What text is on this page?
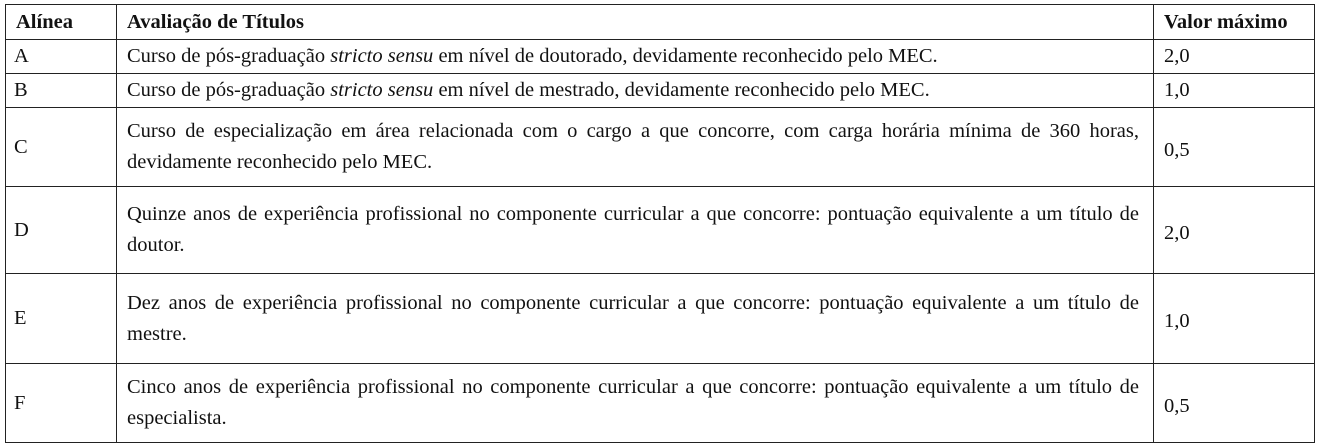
Alínea	Avaliação de Títulos	Valor máximo
A	Curso de pós-graduação stricto sensu em nível de doutorado, devidamente reconhecido pelo MEC.	2,0
B	Curso de pós-graduação stricto sensu em nível de mestrado, devidamente reconhecido pelo MEC.	1,0
C	Curso de especialização em área relacionada com o cargo a que concorre, com carga horária mínima de 360 horas, devidamente reconhecido pelo MEC.	0,5
D	Quinze anos de experiência profissional no componente curricular a que concorre: pontuação equivalente a um título de doutor.	2,0
E	Dez anos de experiência profissional no componente curricular a que concorre: pontuação equivalente a um título de mestre.	1,0
F	Cinco anos de experiência profissional no componente curricular a que concorre: pontuação equivalente a um título de especialista.	0,5
